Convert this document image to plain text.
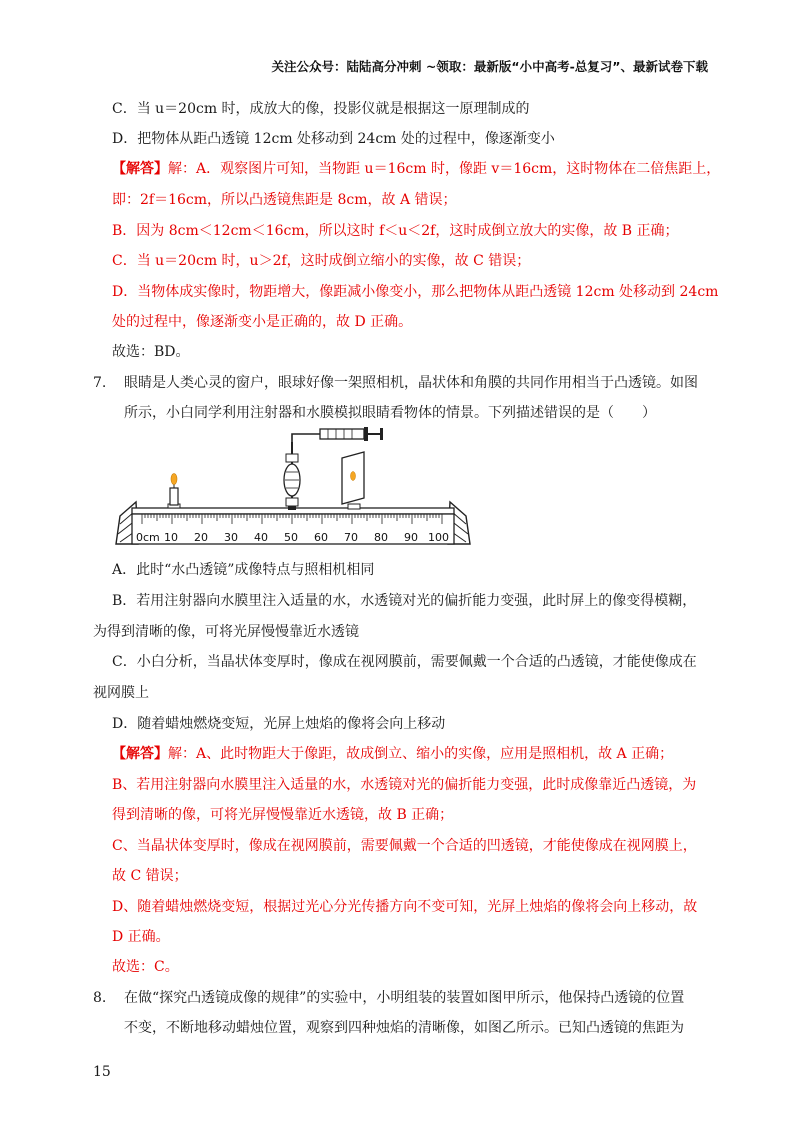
关注公众号：陆陆高分冲刺 ~领取：最新版“小中高考-总复习”、最新试卷下载
C．当 u＝20cm 时，成放大的像，投影仪就是根据这一原理制成的
D．把物体从距凸透镜 12cm 处移动到 24cm 处的过程中，像逐渐变小
【解答】解：A．观察图片可知，当物距 u＝16cm 时，像距 v＝16cm，这时物体在二倍焦距上，
即：2f＝16cm，所以凸透镜焦距是 8cm，故 A 错误；
B．因为 8cm＜12cm＜16cm，所以这时 f＜u＜2f，这时成倒立放大的实像，故 B 正确；
C．当 u＝20cm 时，u＞2f，这时成倒立缩小的实像，故 C 错误；
D．当物体成实像时，物距增大，像距减小像变小，那么把物体从距凸透镜 12cm 处移动到 24cm
处的过程中，像逐渐变小是正确的，故 D 正确。
故选：BD。
7. 眼睛是人类心灵的窗户，眼球好像一架照相机，晶状体和角膜的共同作用相当于凸透镜。如图
所示，小白同学利用注射器和水膜模拟眼睛看物体的情景。下列描述错误的是（　　）
0cm 10 20 30 40 50 60 70 80 90 100
A．此时“水凸透镜”成像特点与照相机相同
B．若用注射器向水膜里注入适量的水，水透镜对光的偏折能力变强，此时屏上的像变得模糊，
为得到清晰的像，可将光屏慢慢靠近水透镜
C．小白分析，当晶状体变厚时，像成在视网膜前，需要佩戴一个合适的凸透镜，才能使像成在
视网膜上
D．随着蜡烛燃烧变短，光屏上烛焰的像将会向上移动
【解答】解：A、此时物距大于像距，故成倒立、缩小的实像，应用是照相机，故 A 正确；
B、若用注射器向水膜里注入适量的水，水透镜对光的偏折能力变强，此时成像靠近凸透镜，为
得到清晰的像，可将光屏慢慢靠近水透镜，故 B 正确；
C、当晶状体变厚时，像成在视网膜前，需要佩戴一个合适的凹透镜，才能使像成在视网膜上，
故 C 错误；
D、随着蜡烛燃烧变短，根据过光心分光传播方向不变可知，光屏上烛焰的像将会向上移动，故
D 正确。
故选：C。
8. 在做“探究凸透镜成像的规律”的实验中，小明组装的装置如图甲所示，他保持凸透镜的位置
不变，不断地移动蜡烛位置，观察到四种烛焰的清晰像，如图乙所示。已知凸透镜的焦距为
15
